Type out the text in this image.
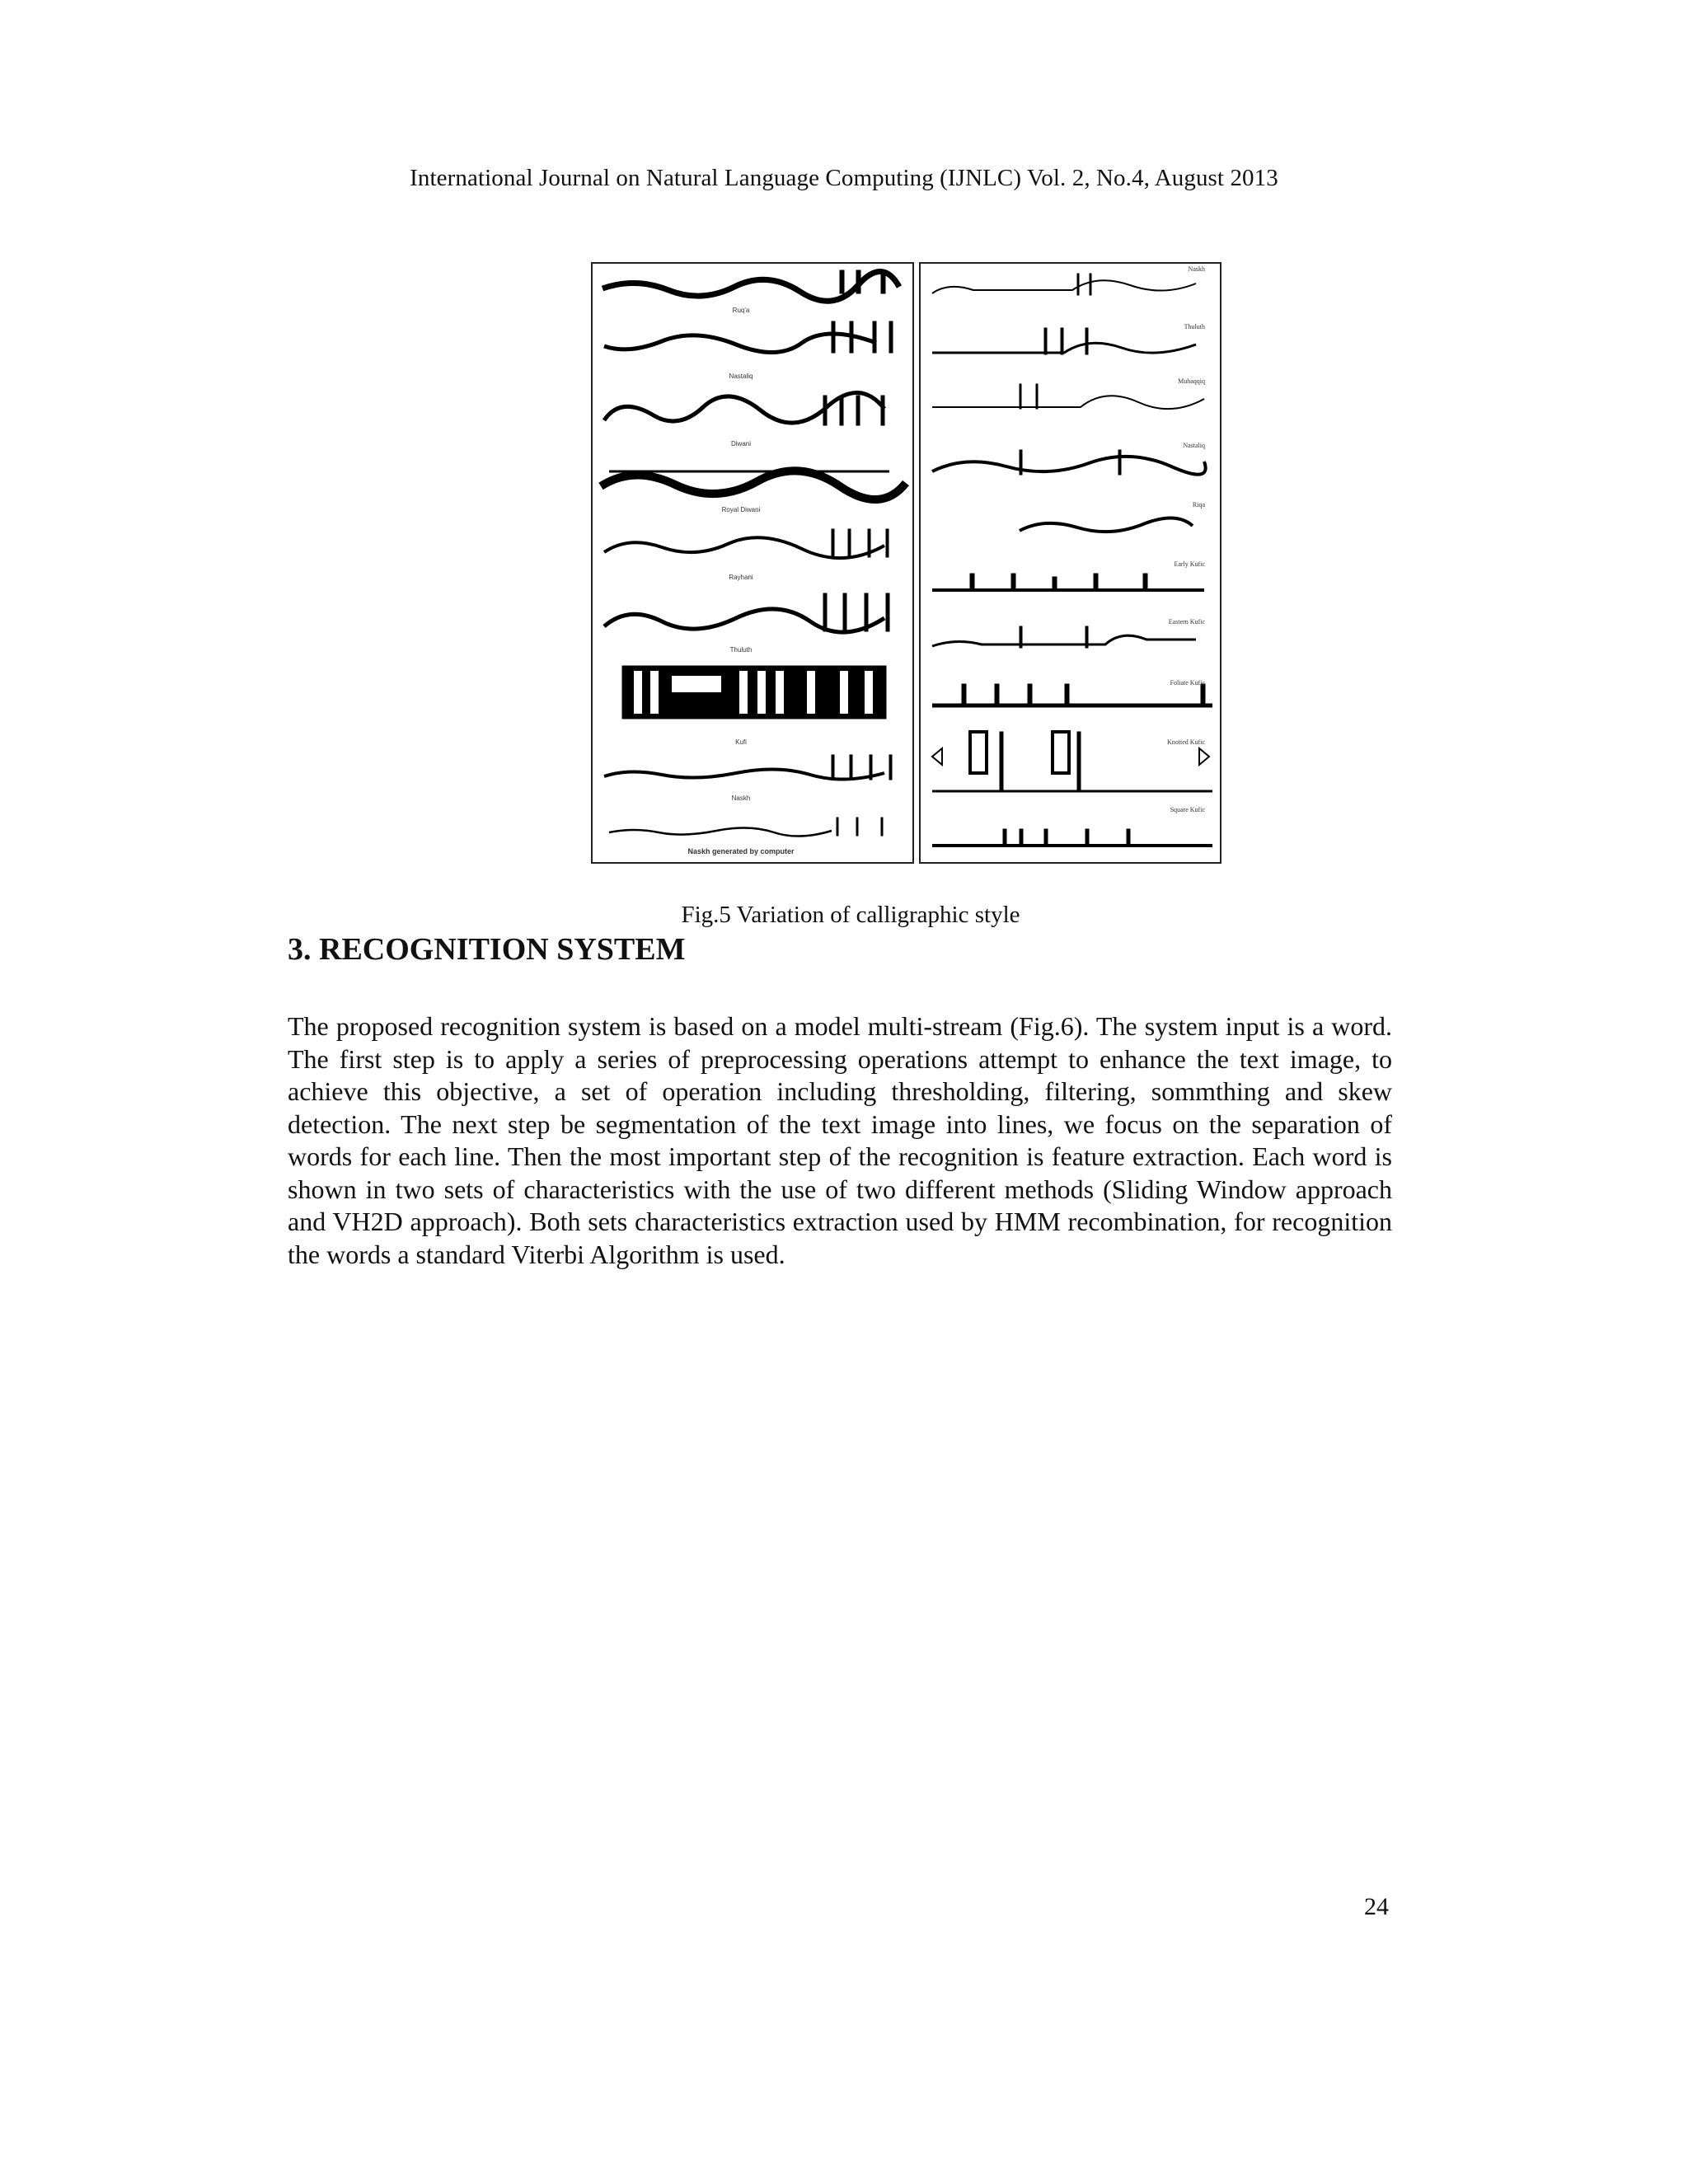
International Journal on Natural Language Computing (IJNLC) Vol. 2, No.4, August 2013
Ruq'a
Nastaliq
Diwani
Royal Diwani
Rayhani
Thuluth
Kufi
Naskh
Naskh generated by computer
Naskh
Thuluth
Muhaqqiq
Nastaliq
Riqa
Early Kufic
Eastern Kufic
Foliate Kufic
Knotted Kufic
Square Kufic
Fig.5 Variation of calligraphic style
3. RECOGNITION SYSTEM

The proposed recognition system is based on a model multi-stream (Fig.6). The system input is a word. The first step is to apply a series of preprocessing operations attempt to enhance the text image, to achieve this objective, a set of operation including thresholding, filtering, sommthing and skew detection. The next step be segmentation of the text image into lines, we focus on the separation of words for each line. Then the most important step of the recognition is feature extraction. Each word is shown in two sets of characteristics with the use of two different methods (Sliding Window approach and VH2D approach). Both sets characteristics extraction used by HMM recombination, for recognition the words a standard Viterbi Algorithm is used.

24
